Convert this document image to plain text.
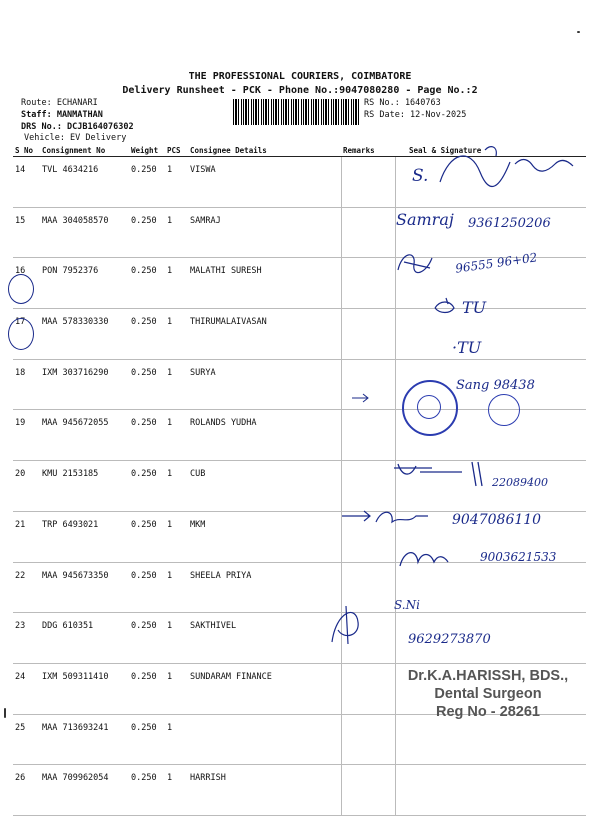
THE PROFESSIONAL COURIERS, COIMBATORE
Delivery Runsheet - PCK - Phone No.:9047080280 - Page No.:2
Route: ECHANARI
Staff: MANMATHAN
DRS No.: DCJB164076302
Vehicle: EV Delivery
RS No.: 1640763
RS Date: 12-Nov-2025
S No	Consignment No	Weight	PCS	Consignee Details	Remarks	Seal & Signature
14	TVL 4634216	0.250	1	VISWA		
15	MAA 304058570	0.250	1	SAMRAJ		
16	PON 7952376	0.250	1	MALATHI SURESH		
17	MAA 578330330	0.250	1	THIRUMALAIVASAN		
18	IXM 303716290	0.250	1	SURYA		
19	MAA 945672055	0.250	1	ROLANDS YUDHA		
20	KMU 2153185	0.250	1	CUB		
21	TRP 6493021	0.250	1	MKM		
22	MAA 945673350	0.250	1	SHEELA PRIYA		
23	DDG 610351	0.250	1	SAKTHIVEL		
24	IXM 509311410	0.250	1	SUNDARAM FINANCE		
25	MAA 713693241	0.250	1			
26	MAA 709962054	0.250	1	HARRISH		
S.
Samraj 9361250206
96555 96+02
TU
·TU
Sang 98438
22089400
9047086110
9003621533
S.Ni
9629273870
Dr.K.A.HARISSH, BDS.,
Dental Surgeon
Reg No - 28261
